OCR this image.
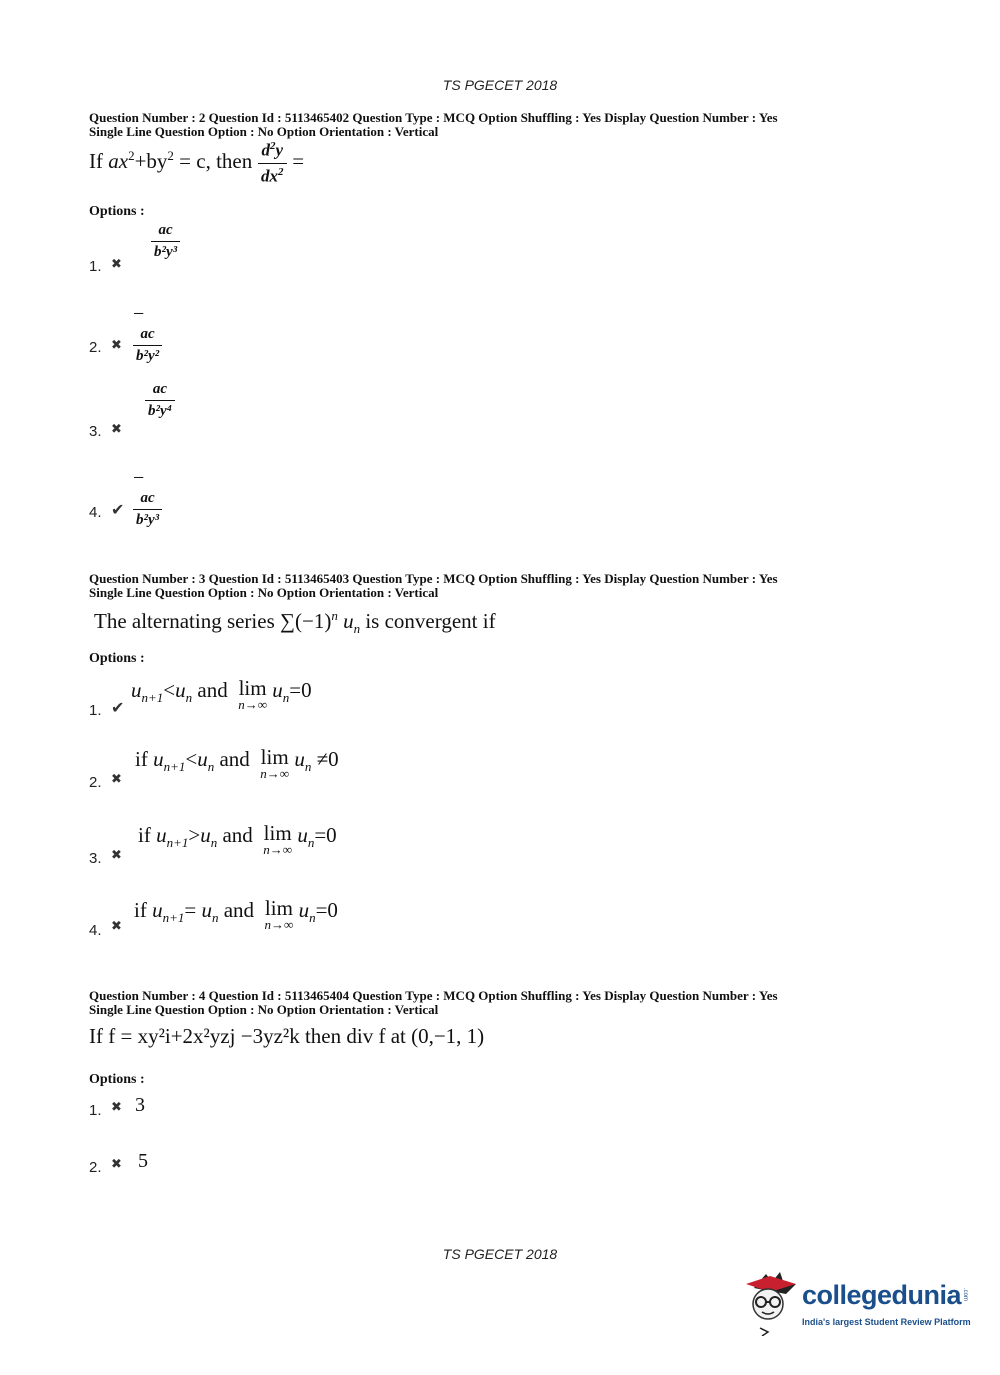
TS PGECET 2018
Question Number : 2 Question Id : 5113465402 Question Type : MCQ Option Shuffling : Yes Display Question Number : Yes
Single Line Question Option : No Option Orientation : Vertical
If $ax^2+by^2 = c$, then $\frac{d^2y}{dx^2}$ =
Options :
1. ✖
$\frac{ac}{\text{b²y³}}$
2. ✖
−
$\frac{ac}{\text{b²y²}}$
3. ✖
$\frac{ac}{\text{b²y⁴}}$
4. ✔
−
$\frac{ac}{\text{b²y³}}$
Question Number : 3 Question Id : 5113465403 Question Type : MCQ Option Shuffling : Yes Display Question Number : Yes
Single Line Question Option : No Option Orientation : Vertical
The alternating series $\sum(-1)^n$ $u_n$ is convergent if
Options :
1. ✔
$u_{n+1}<u_n$ and lim
n→∞
$u_n=0$
2. ✖
if $u_{n+1}<u_n$ and lim
n→∞
$u_n \ne 0$
3. ✖
if $u_{n+1}>u_n$ and lim
n→∞
$u_n=0$
4. ✖
if $u_{n+1}= u_n$ and lim
n→∞
$u_n=0$
Question Number : 4 Question Id : 5113465404 Question Type : MCQ Option Shuffling : Yes Display Question Number : Yes
Single Line Question Option : No Option Orientation : Vertical
If f = xy²i+2x²yzj −3yz²k then div f at (0,−1, 1)
Options :
1. ✖ 3
2. ✖ 5
TS PGECET 2018
collegedunia .com
India's largest Student Review Platform
